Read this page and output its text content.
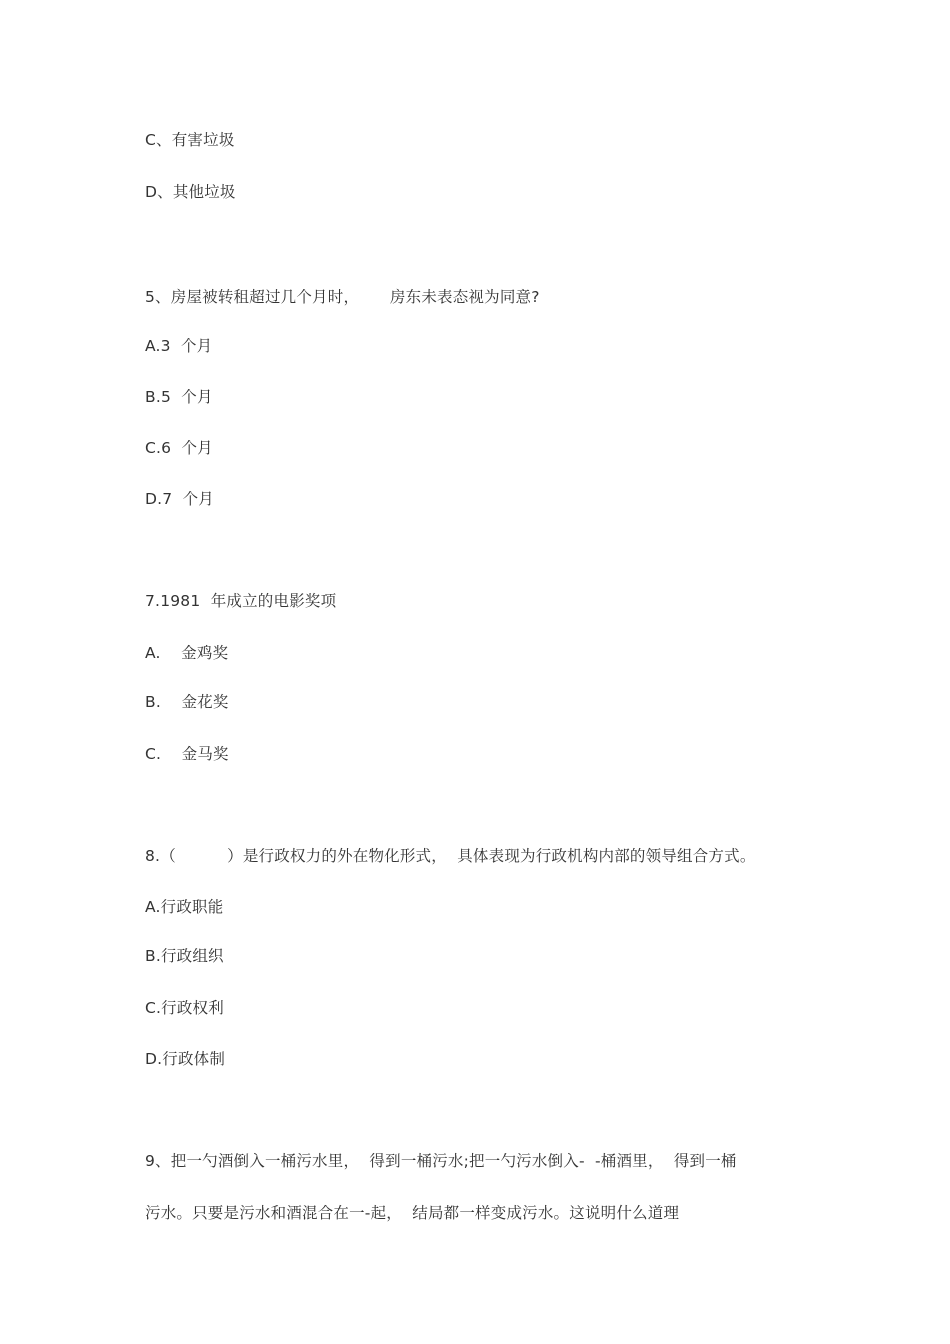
C、有害垃圾
D、其他垃圾
5、房屋被转租超过几个月时，      房东未表态视为同意?
A.3  个月
B.5  个月
C.6  个月
D.7  个月
7.1981  年成立的电影奖项
A.    金鸡奖
B.    金花奖
C.    金马奖
8.（          ）是行政权力的外在物化形式，  具体表现为行政机构内部的领导组合方式。
A.行政职能
B.行政组织
C.行政权利
D.行政体制
9、把一勺酒倒入一桶污水里，  得到一桶污水;把一勺污水倒入-  -桶酒里，  得到一桶
污水。只要是污水和酒混合在一-起，  结局都一样变成污水。这说明什么道理
